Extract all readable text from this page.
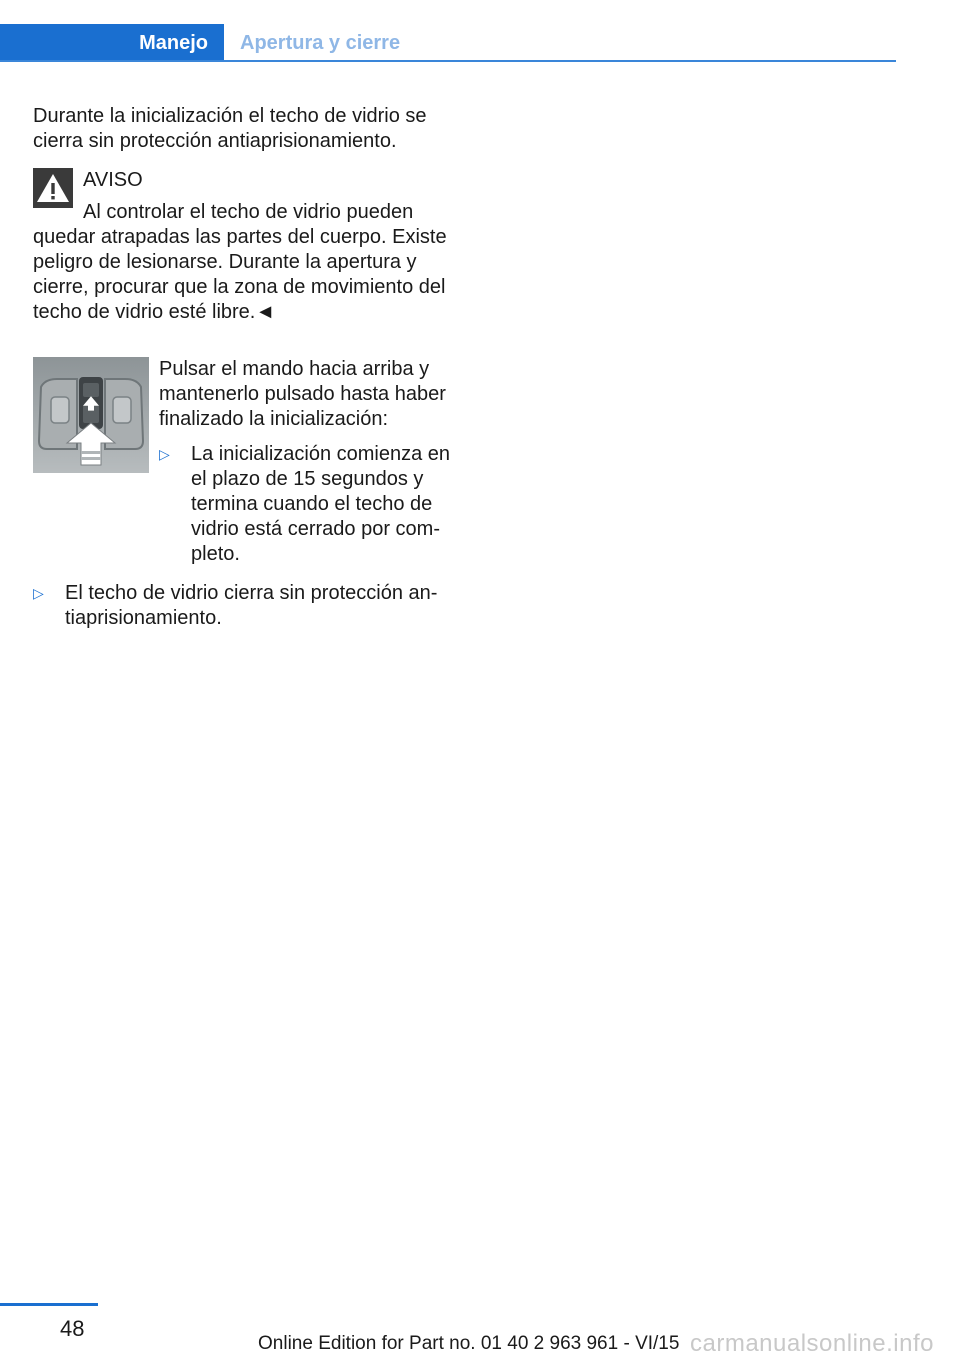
Manejo Apertura y cierre

Durante la inicialización el techo de vidrio se cierra sin protección antiaprisionamiento.

AVISO
Al controlar el techo de vidrio pueden
quedar atrapadas las partes del cuerpo. Existe peligro de lesionarse. Durante la apertura y cierre, procurar que la zona de movimiento del techo de vidrio esté libre.◄
Pulsar el mando hacia arriba y mantenerlo pulsado hasta haber finalizado la inicialización:
▷	La inicialización comienza en el plazo de 15 segundos y termina cuando el techo de vidrio está cerrado por com‐ pleto.
▷	El techo de vidrio cierra sin protección an‐ tiaprisionamiento.
48
Online Edition for Part no. 01 40 2 963 961 - VI/15 carmanualsonline.info
